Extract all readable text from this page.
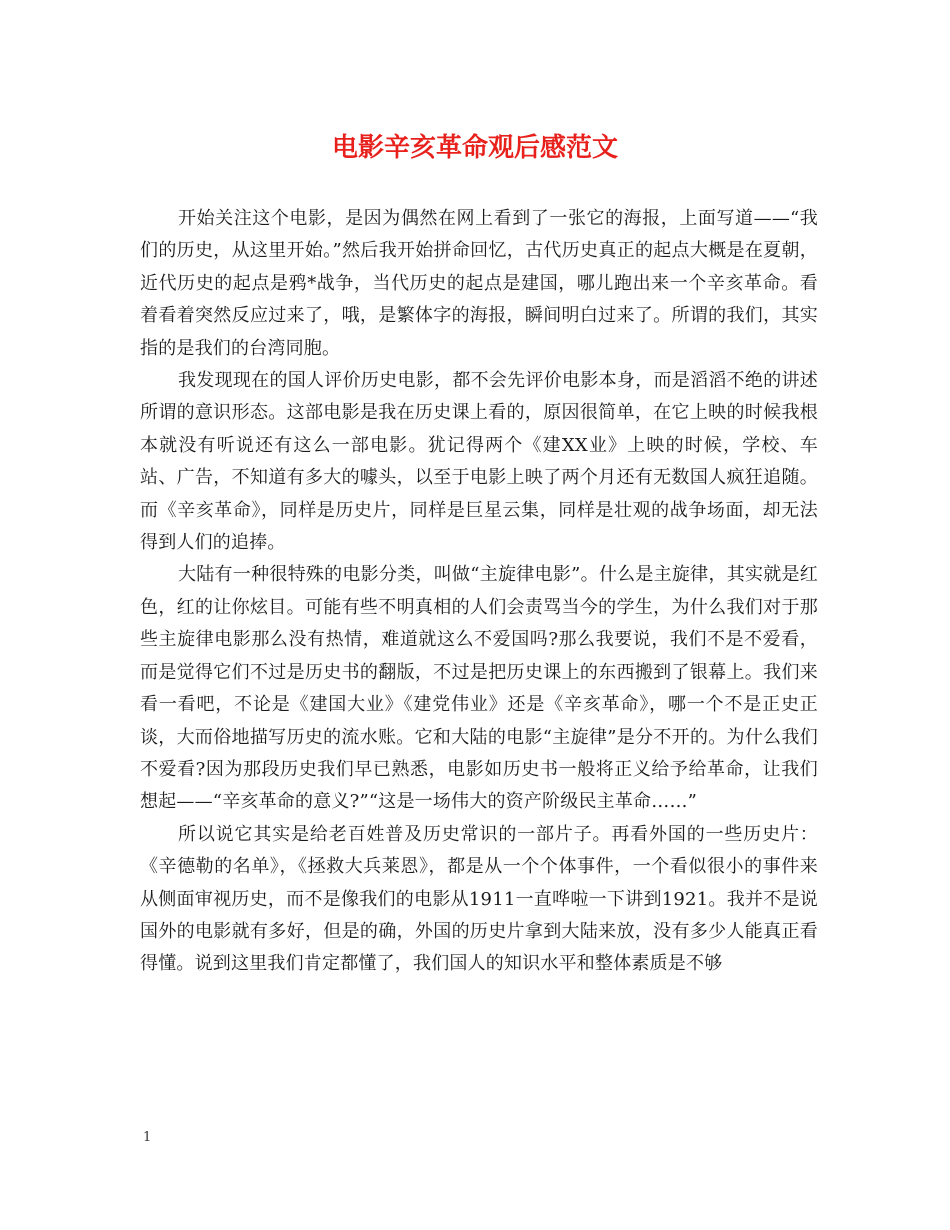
电影辛亥革命观后感范文

开始关注这个电影，是因为偶然在网上看到了一张它的海报，上面写道——“我们的历史，从这里开始。”然后我开始拼命回忆，古代历史真正的起点大概是在夏朝，近代历史的起点是鸦*战争，当代历史的起点是建国，哪儿跑出来一个辛亥革命。看着看着突然反应过来了，哦，是繁体字的海报，瞬间明白过来了。所谓的我们，其实指的是我们的台湾同胞。

我发现现在的国人评价历史电影，都不会先评价电影本身，而是滔滔不绝的讲述所谓的意识形态。这部电影是我在历史课上看的，原因很简单，在它上映的时候我根本就没有听说还有这么一部电影。犹记得两个《建XX业》上映的时候，学校、车站、广告，不知道有多大的噱头，以至于电影上映了两个月还有无数国人疯狂追随。而《辛亥革命》，同样是历史片，同样是巨星云集，同样是壮观的战争场面，却无法得到人们的追捧。

大陆有一种很特殊的电影分类，叫做“主旋律电影”。什么是主旋律，其实就是红色，红的让你炫目。可能有些不明真相的人们会责骂当今的学生，为什么我们对于那些主旋律电影那么没有热情，难道就这么不爱国吗?那么我要说，我们不是不爱看，而是觉得它们不过是历史书的翻版，不过是把历史课上的东西搬到了银幕上。我们来看一看吧，不论是《建国大业》《建党伟业》还是《辛亥革命》，哪一个不是正史正谈，大而俗地描写历史的流水账。它和大陆的电影“主旋律”是分不开的。为什么我们不爱看?因为那段历史我们早已熟悉，电影如历史书一般将正义给予给革命，让我们想起——“辛亥革命的意义?”“这是一场伟大的资产阶级民主革命……”

所以说它其实是给老百姓普及历史常识的一部片子。再看外国的一些历史片：《辛德勒的名单》，《拯救大兵莱恩》，都是从一个个体事件，一个看似很小的事件来从侧面审视历史，而不是像我们的电影从1911一直哗啦一下讲到1921。我并不是说国外的电影就有多好，但是的确，外国的历史片拿到大陆来放，没有多少人能真正看得懂。说到这里我们肯定都懂了，我们国人的知识水平和整体素质是不够

1
